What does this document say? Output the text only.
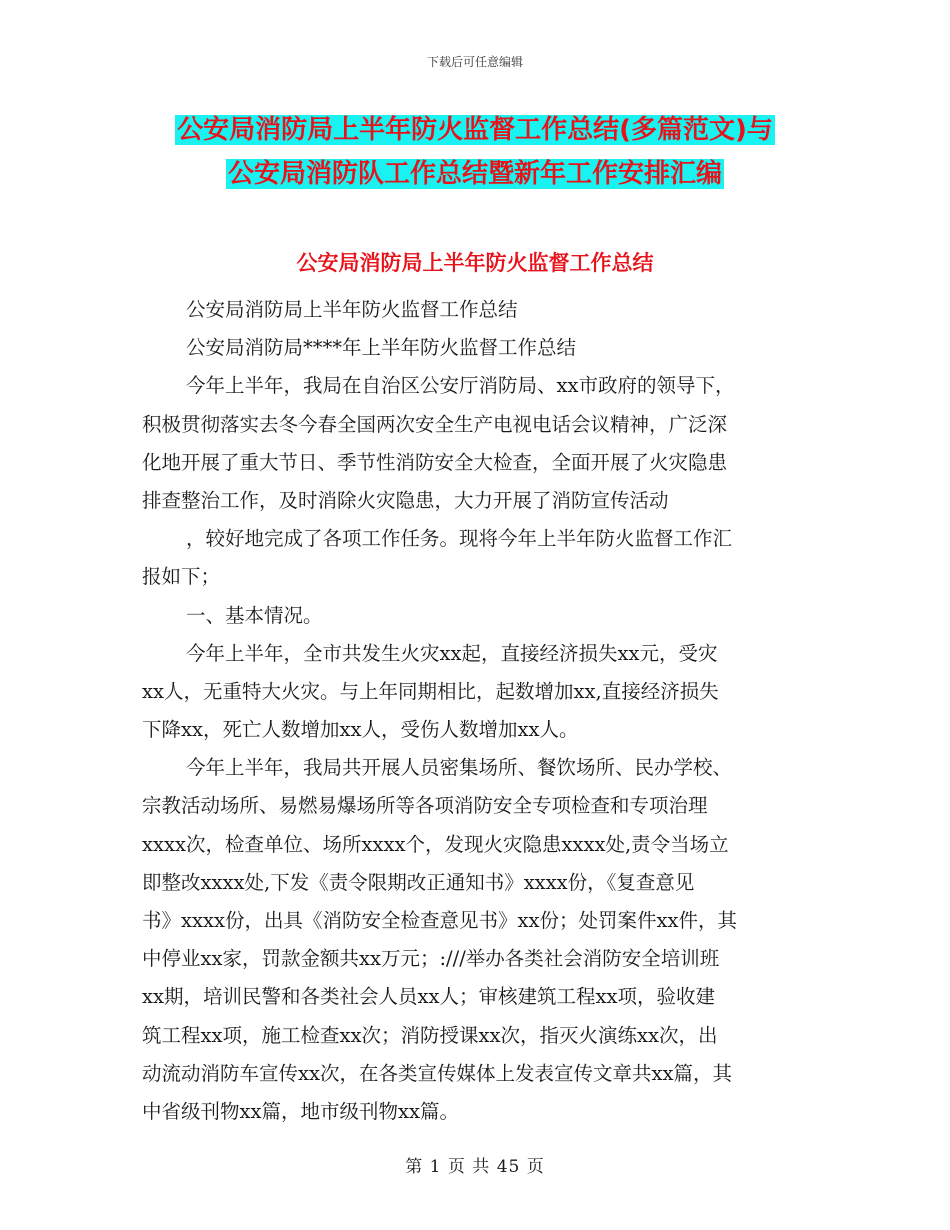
下载后可任意编辑
公安局消防局上半年防火监督工作总结(多篇范文)与
公安局消防队工作总结暨新年工作安排汇编
公安局消防局上半年防火监督工作总结
公安局消防局上半年防火监督工作总结
公安局消防局****年上半年防火监督工作总结
今年上半年，我局在自治区公安厅消防局、xx市政府的领导下，
积极贯彻落实去冬今春全国两次安全生产电视电话会议精神，广泛深
化地开展了重大节日、季节性消防安全大检查，全面开展了火灾隐患
排查整治工作，及时消除火灾隐患，大力开展了消防宣传活动
，较好地完成了各项工作任务。现将今年上半年防火监督工作汇
报如下；
一、基本情况。
今年上半年，全市共发生火灾xx起，直接经济损失xx元，受灾
xx人，无重特大火灾。与上年同期相比，起数增加xx,直接经济损失
下降xx，死亡人数增加xx人，受伤人数增加xx人。
今年上半年，我局共开展人员密集场所、餐饮场所、民办学校、
宗教活动场所、易燃易爆场所等各项消防安全专项检查和专项治理
xxxx次，检查单位、场所xxxx个，发现火灾隐患xxxx处,责令当场立
即整改xxxx处,下发《责令限期改正通知书》xxxx份，《复查意见
书》xxxx份，出具《消防安全检查意见书》xx份；处罚案件xx件，其
中停业xx家，罚款金额共xx万元；:///举办各类社会消防安全培训班
xx期，培训民警和各类社会人员xx人；审核建筑工程xx项，验收建
筑工程xx项，施工检查xx次；消防授课xx次，指灭火演练xx次，出
动流动消防车宣传xx次，在各类宣传媒体上发表宣传文章共xx篇，其
中省级刊物xx篇，地市级刊物xx篇。
第 1 页 共 45 页
